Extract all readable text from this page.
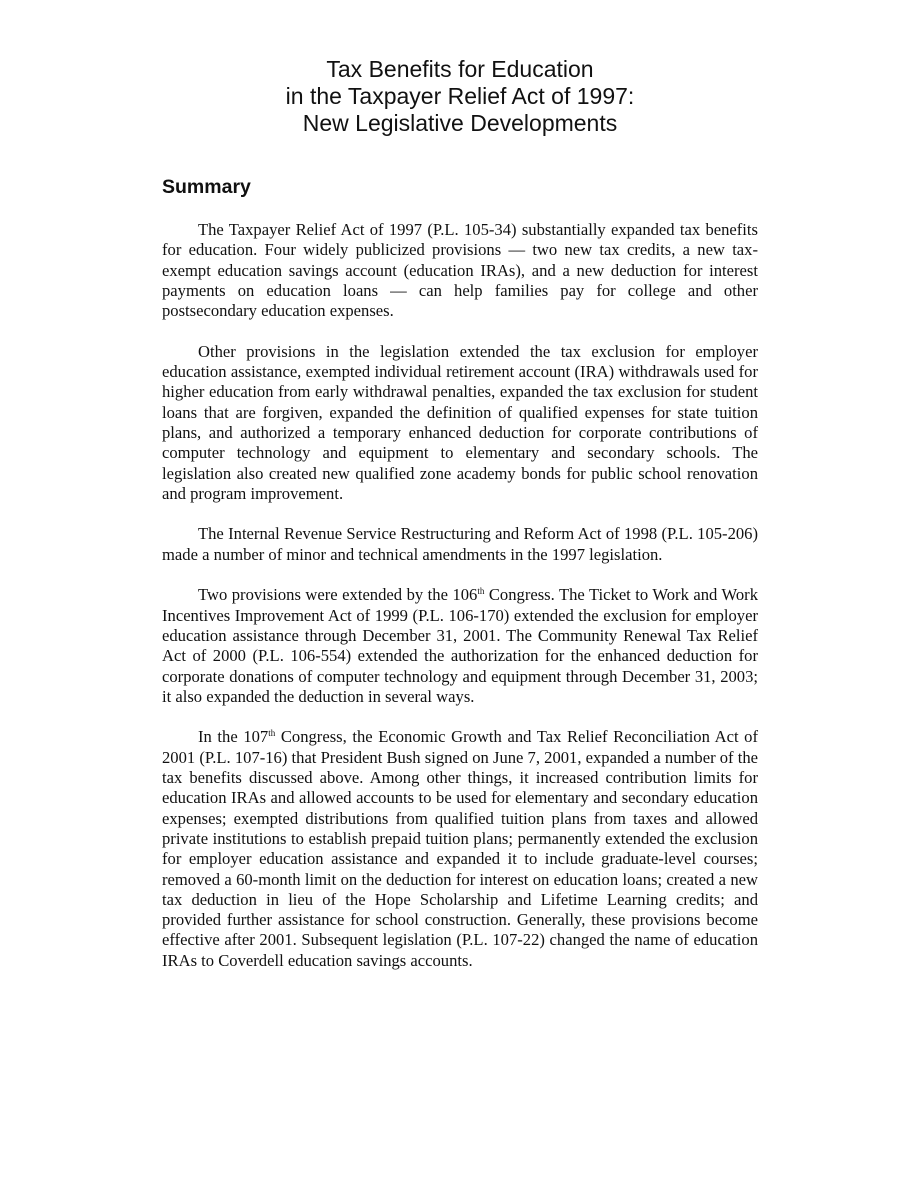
Tax Benefits for Education
in the Taxpayer Relief Act of 1997:
New Legislative Developments
Summary

The Taxpayer Relief Act of 1997 (P.L. 105-34) substantially expanded tax benefits for education. Four widely publicized provisions — two new tax credits, a new tax-exempt education savings account (education IRAs), and a new deduction for interest payments on education loans — can help families pay for college and other postsecondary education expenses.

Other provisions in the legislation extended the tax exclusion for employer education assistance, exempted individual retirement account (IRA) withdrawals used for higher education from early withdrawal penalties, expanded the tax exclusion for student loans that are forgiven, expanded the definition of qualified expenses for state tuition plans, and authorized a temporary enhanced deduction for corporate contributions of computer technology and equipment to elementary and secondary schools. The legislation also created new qualified zone academy bonds for public school renovation and program improvement.

The Internal Revenue Service Restructuring and Reform Act of 1998 (P.L. 105-206) made a number of minor and technical amendments in the 1997 legislation.

Two provisions were extended by the 106th Congress. The Ticket to Work and Work Incentives Improvement Act of 1999 (P.L. 106-170) extended the exclusion for employer education assistance through December 31, 2001. The Community Renewal Tax Relief Act of 2000 (P.L. 106-554) extended the authorization for the enhanced deduction for corporate donations of computer technology and equipment through December 31, 2003; it also expanded the deduction in several ways.

In the 107th Congress, the Economic Growth and Tax Relief Reconciliation Act of 2001 (P.L. 107-16) that President Bush signed on June 7, 2001, expanded a number of the tax benefits discussed above. Among other things, it increased contribution limits for education IRAs and allowed accounts to be used for elementary and secondary education expenses; exempted distributions from qualified tuition plans from taxes and allowed private institutions to establish prepaid tuition plans; permanently extended the exclusion for employer education assistance and expanded it to include graduate-level courses; removed a 60-month limit on the deduction for interest on education loans; created a new tax deduction in lieu of the Hope Scholarship and Lifetime Learning credits; and provided further assistance for school construction. Generally, these provisions become effective after 2001. Subsequent legislation (P.L. 107-22) changed the name of education IRAs to Coverdell education savings accounts.
